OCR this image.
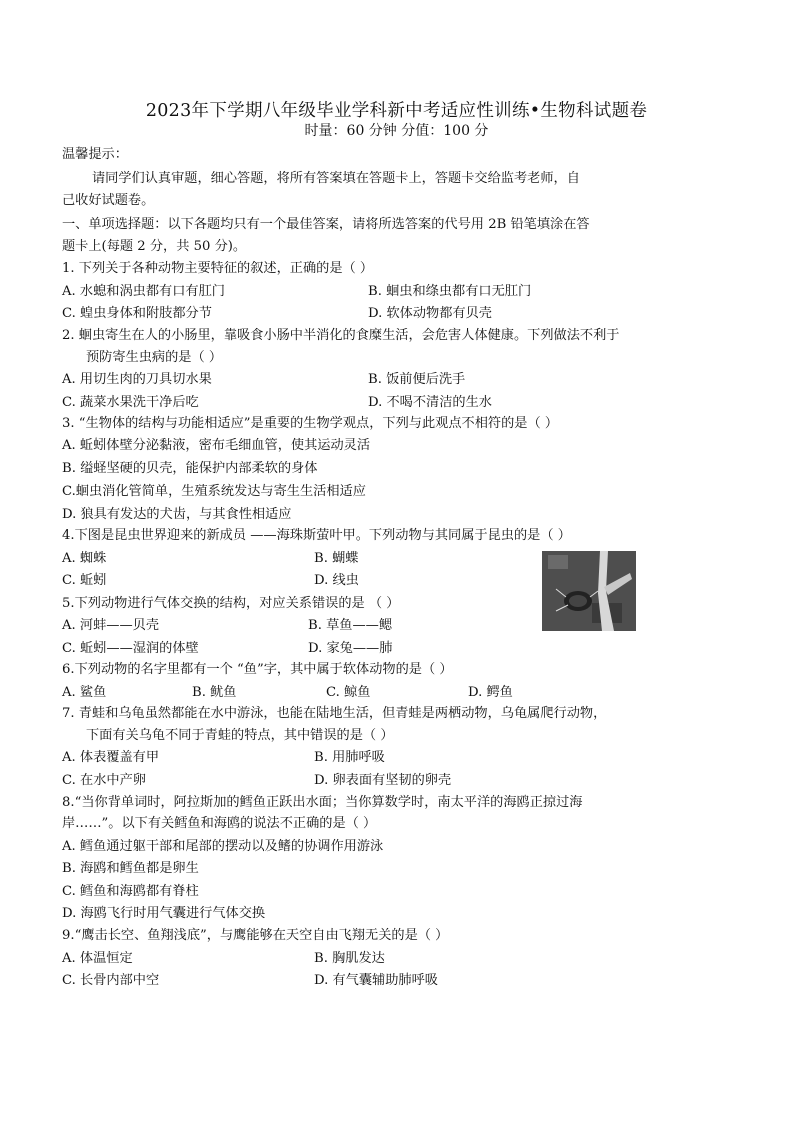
2023年下学期八年级毕业学科新中考适应性训练•生物科试题卷
时量：60 分钟 分值：100 分
温馨提示：
请同学们认真审题，细心答题，将所有答案填在答题卡上，答题卡交给监考老师，自
己收好试题卷。
一、单项选择题：以下各题均只有一个最佳答案，请将所选答案的代号用 2B 铅笔填涂在答
题卡上(每题 2 分，共 50 分)。
1. 下列关于各种动物主要特征的叙述，正确的是（ ）
A. 水螅和涡虫都有口有肛门	B. 蛔虫和绦虫都有口无肛门
C. 蝗虫身体和附肢都分节	D. 软体动物都有贝壳
2. 蛔虫寄生在人的小肠里，靠吸食小肠中半消化的食糜生活，会危害人体健康。下列做法不利于
预防寄生虫病的是（ ）
A. 用切生肉的刀具切水果	B. 饭前便后洗手
C. 蔬菜水果洗干净后吃	D. 不喝不清洁的生水
3. “生物体的结构与功能相适应”是重要的生物学观点，下列与此观点不相符的是（ ）
A. 蚯蚓体壁分泌黏液，密布毛细血管，使其运动灵活
B. 缢蛏坚硬的贝壳，能保护内部柔软的身体
C.蛔虫消化管简单，生殖系统发达与寄生生活相适应
D. 狼具有发达的犬齿，与其食性相适应
4.下图是昆虫世界迎来的新成员 ——海珠斯萤叶甲。下列动物与其同属于昆虫的是（ ）
A. 蜘蛛	B. 蝴蝶
C. 蚯蚓	D. 线虫
5.下列动物进行气体交换的结构，对应关系错误的是 （ ）
A. 河蚌——贝壳	B. 草鱼——鳃
C. 蚯蚓——湿润的体壁	D. 家兔——肺
6.下列动物的名字里都有一个 “鱼”字，其中属于软体动物的是（ ）
A. 鲨鱼	B. 鱿鱼	C. 鲸鱼	D. 鳄鱼
7. 青蛙和乌龟虽然都能在水中游泳，也能在陆地生活，但青蛙是两栖动物，乌龟属爬行动物，
下面有关乌龟不同于青蛙的特点，其中错误的是（ ）
A. 体表覆盖有甲	B. 用肺呼吸
C. 在水中产卵	D. 卵表面有坚韧的卵壳
8.“当你背单词时，阿拉斯加的鳕鱼正跃出水面；当你算数学时，南太平洋的海鸥正掠过海
岸……”。以下有关鳕鱼和海鸥的说法不正确的是（ ）
A. 鳕鱼通过躯干部和尾部的摆动以及鳍的协调作用游泳
B. 海鸥和鳕鱼都是卵生
C. 鳕鱼和海鸥都有脊柱
D. 海鸥飞行时用气囊进行气体交换
9.“鹰击长空、鱼翔浅底”，与鹰能够在天空自由飞翔无关的是（ ）
A. 体温恒定	B. 胸肌发达
C. 长骨内部中空	D. 有气囊辅助肺呼吸
